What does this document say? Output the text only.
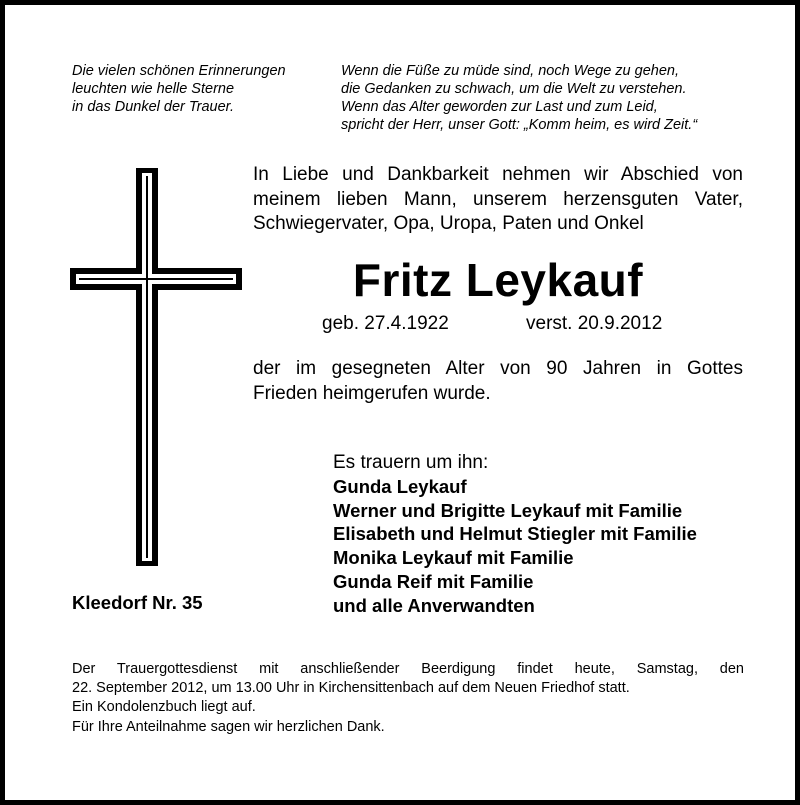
Die vielen schönen Erinnerungen
leuchten wie helle Sterne
in das Dunkel der Trauer.
Wenn die Füße zu müde sind, noch Wege zu gehen,
die Gedanken zu schwach, um die Welt zu verstehen.
Wenn das Alter geworden zur Last und zum Leid,
spricht der Herr, unser Gott: „Komm heim, es wird Zeit.“
In Liebe und Dankbarkeit nehmen wir Abschied von
meinem lieben Mann, unserem herzensguten Vater,
Schwiegervater, Opa, Uropa, Paten und Onkel
Fritz Leykauf
geb. 27.4.1922	verst. 20.9.2012
der im gesegneten Alter von 90 Jahren in Gottes
Frieden heimgerufen wurde.
Es trauern um ihn:
Gunda Leykauf
Werner und Brigitte Leykauf mit Familie
Elisabeth und Helmut Stiegler mit Familie
Monika Leykauf mit Familie
Gunda Reif mit Familie
und alle Anverwandten
Kleedorf Nr. 35
Der Trauergottesdienst mit anschließender Beerdigung findet heute, Samstag, den
22. September 2012, um 13.00 Uhr in Kirchensittenbach auf dem Neuen Friedhof statt.
Ein Kondolenzbuch liegt auf.
Für Ihre Anteilnahme sagen wir herzlichen Dank.
